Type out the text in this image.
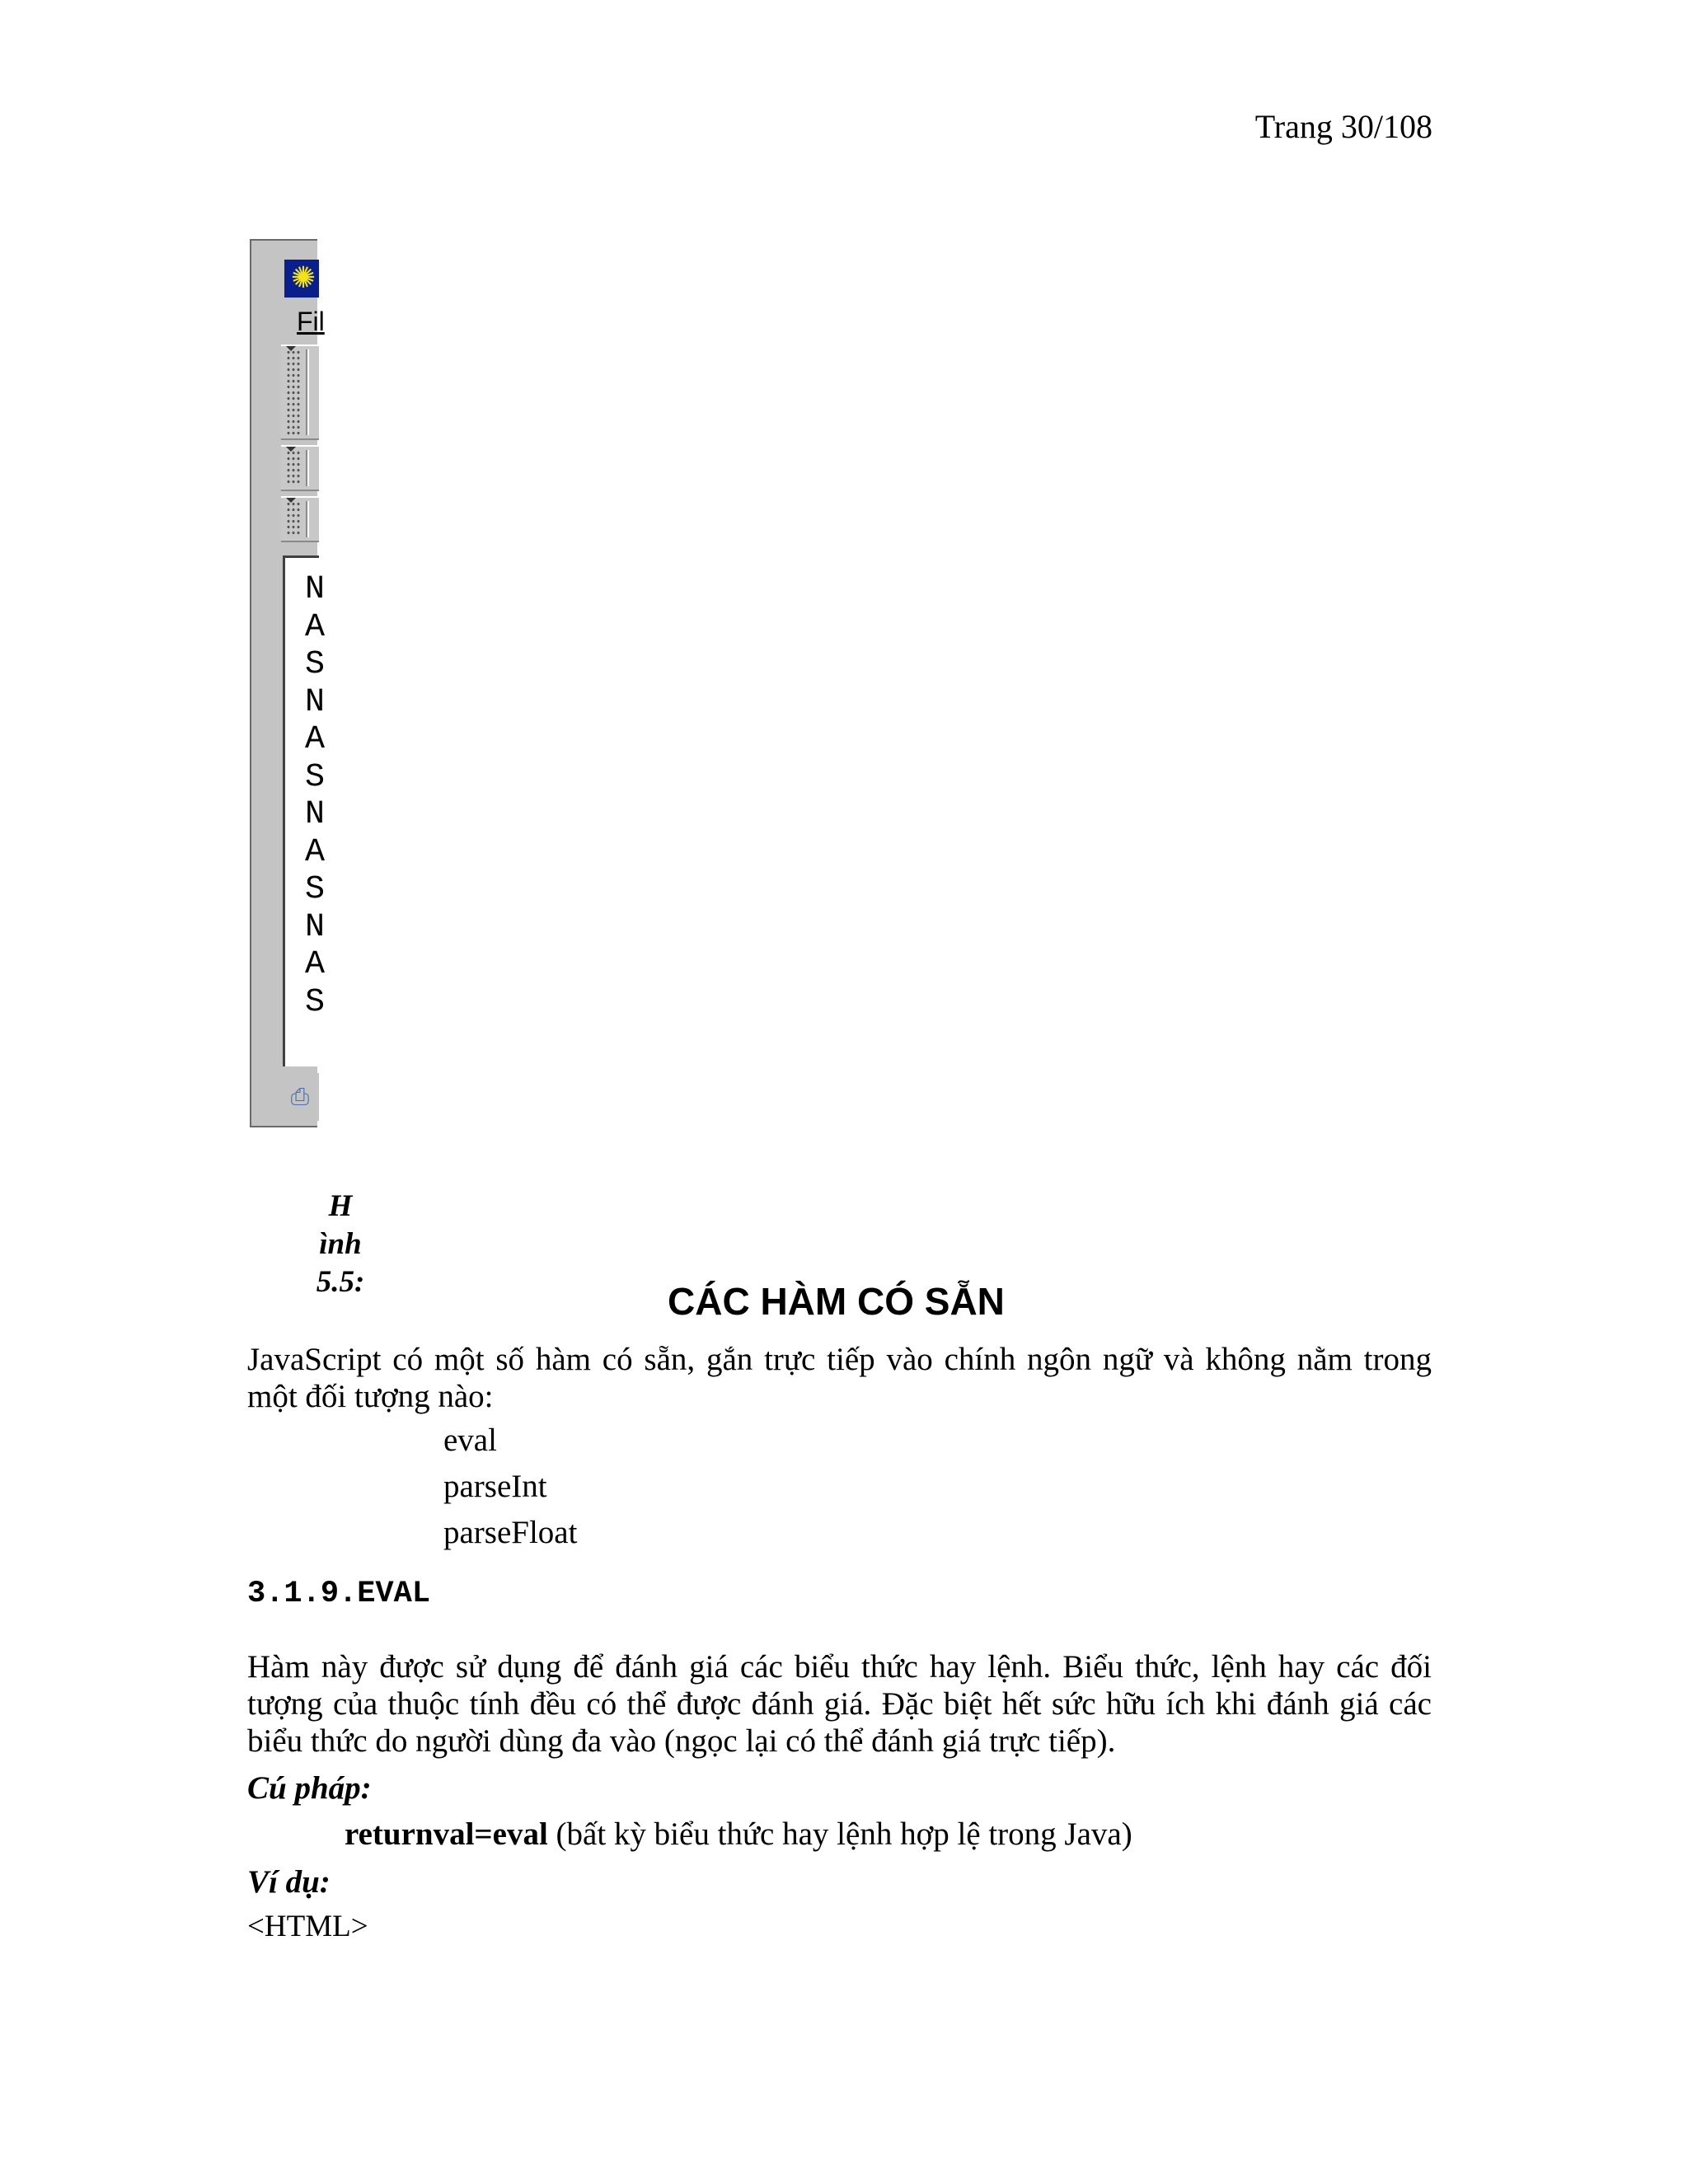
Trang 30/108
✺
Fil
N
A
S
N
A
S
N
A
S
N
A
S
⎙
H
ình
5.5:	CÁC HÀM CÓ SẴN

JavaScript có một số hàm có sẵn, gắn trực tiếp vào chính ngôn ngữ và không nằm trong một đối tượng nào:

eval
parseInt
parseFloat
3.1.9.EVAL

Hàm này được sử dụng để đánh giá các biểu thức hay lệnh. Biểu thức, lệnh hay các đối tượng của thuộc tính đều có thể được đánh giá. Đặc biệt hết sức hữu ích khi đánh giá các biểu thức do người dùng đa vào (ngọc lại có thể đánh giá trực tiếp).

Cú pháp:
returnval=eval (bất kỳ biểu thức hay lệnh hợp lệ trong Java)
Ví dụ:
<HTML>
